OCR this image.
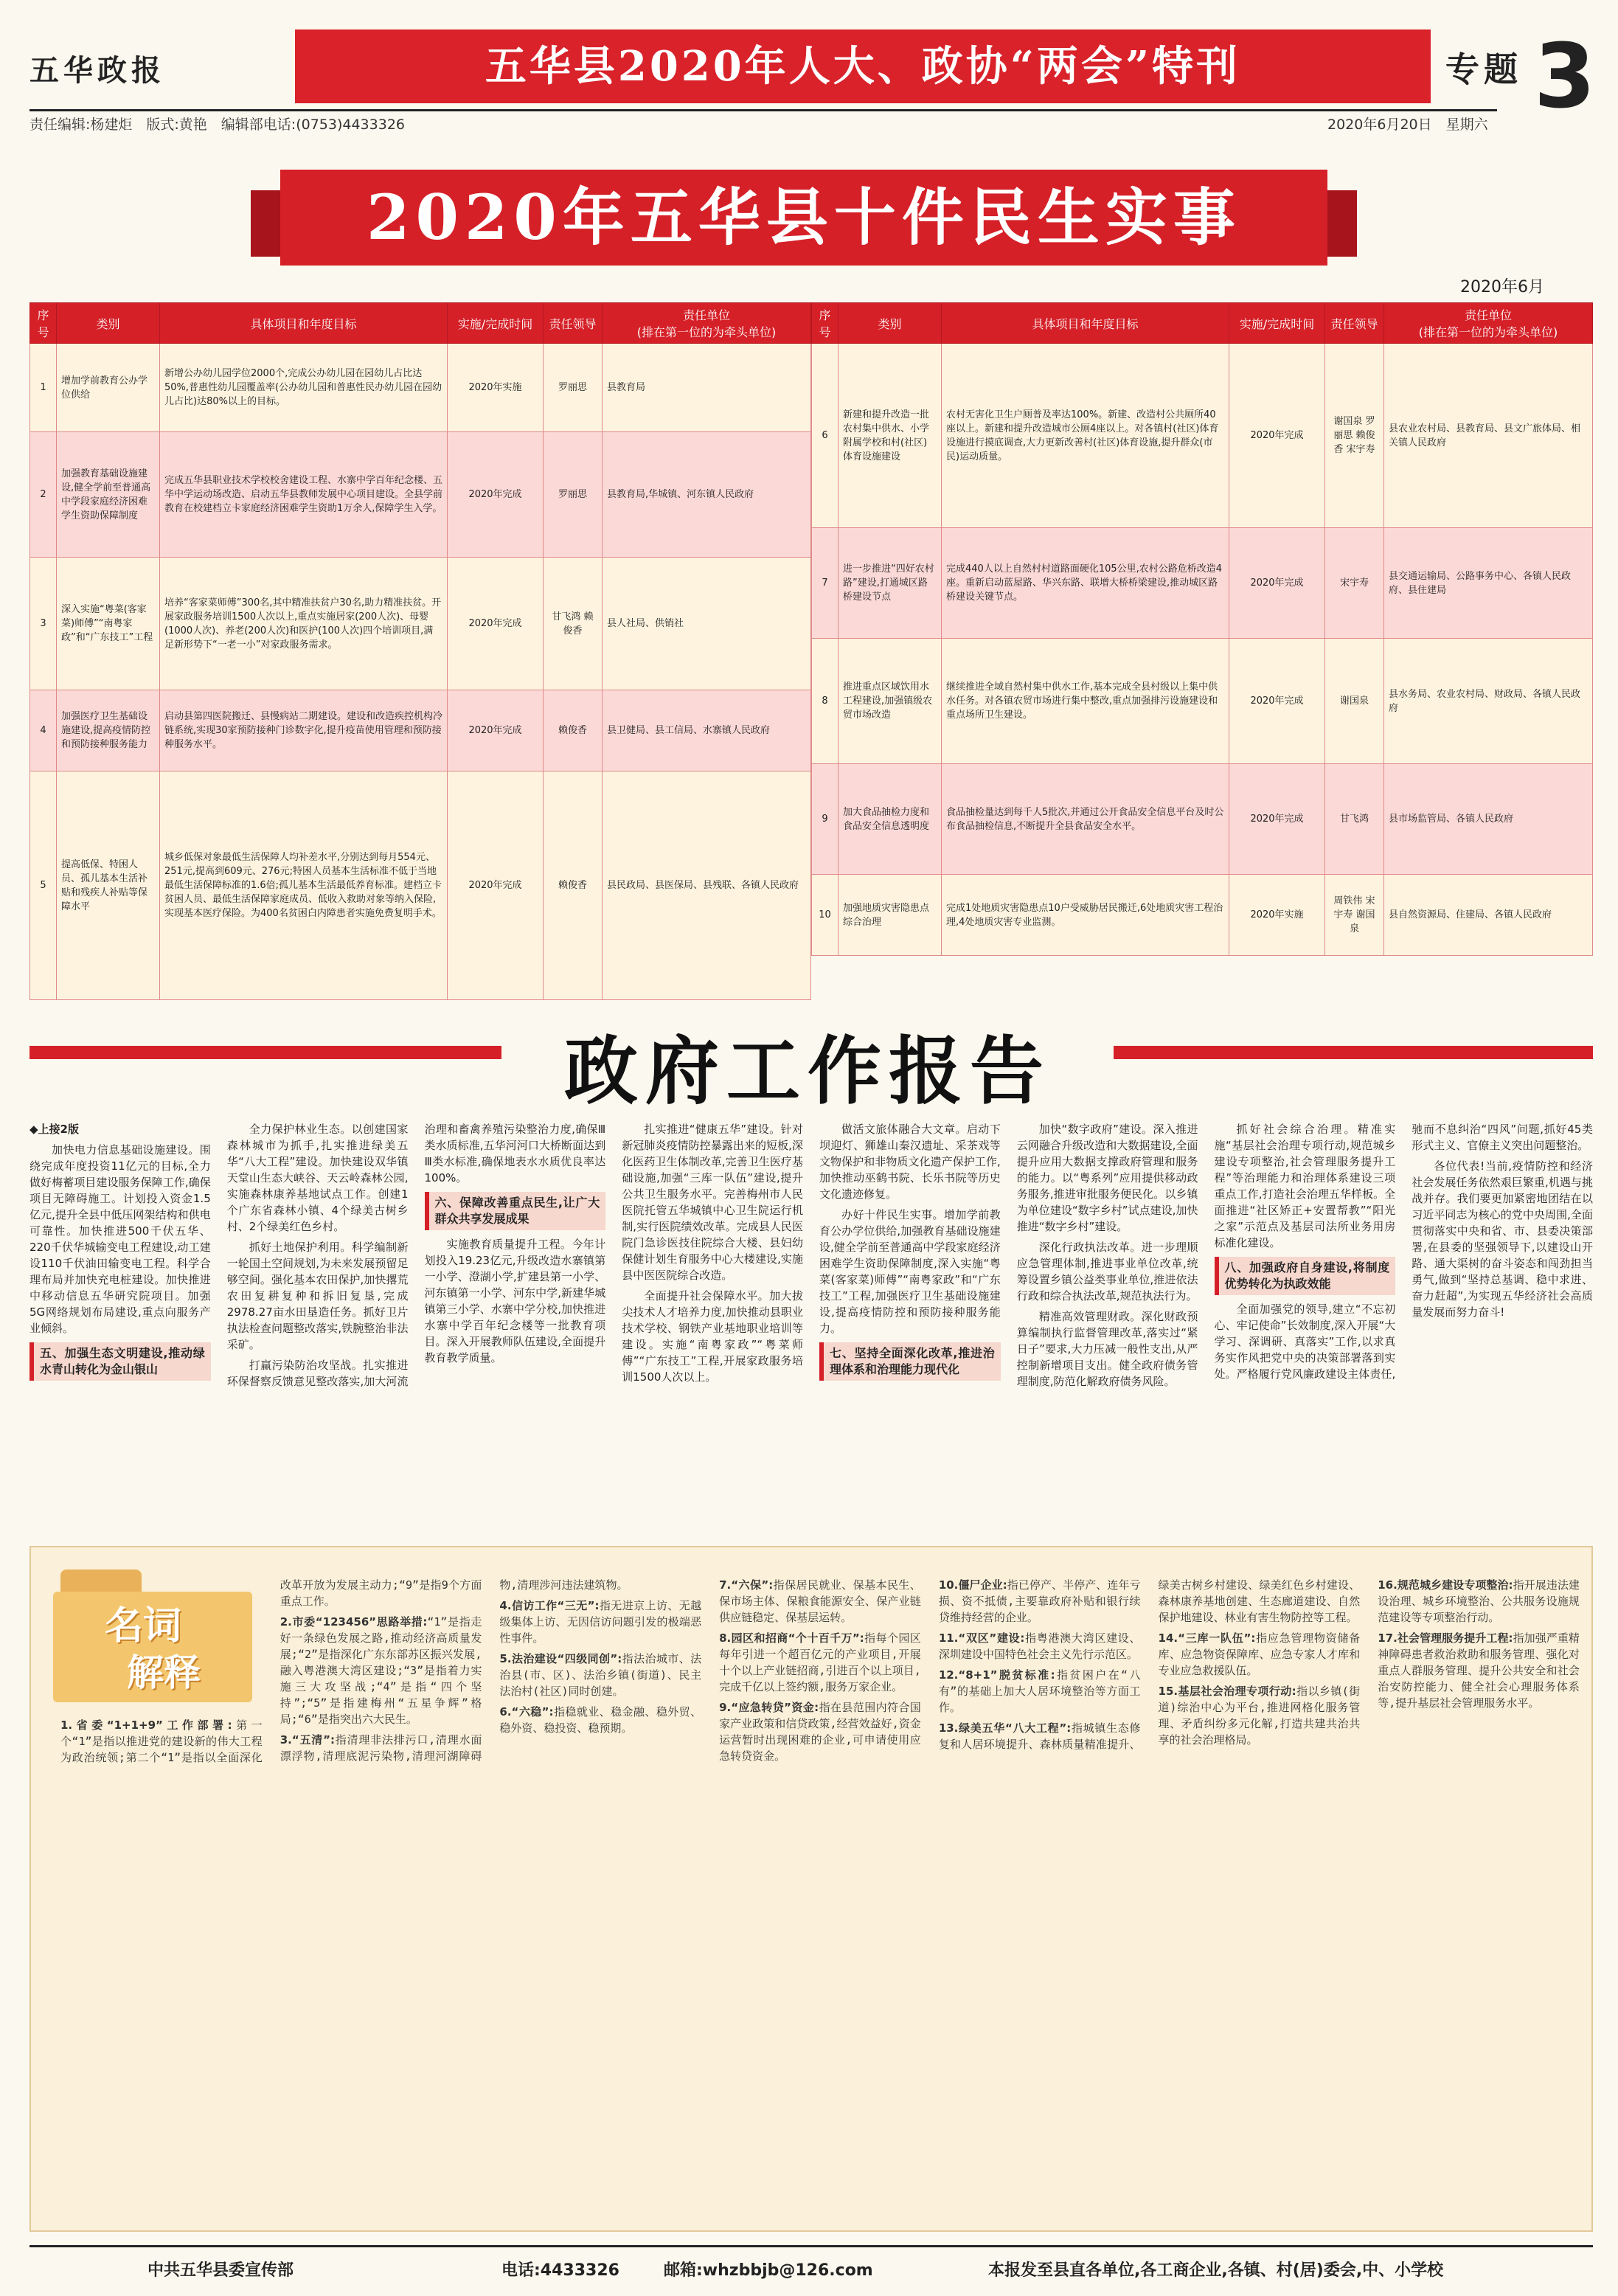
五华政报	五华县2020年人大、政协“两会”特刊	专题 3
责任编辑:杨建炬　版式:黄艳　编辑部电话:(0753)4433326	2020年6月20日　星期六
2020年五华县十件民生实事
2020年6月
序号	类别	具体项目和年度目标	实施/完成时间	责任领导	责任单位
(排在第一位的为牵头单位)
1	增加学前教育公办学位供给	新增公办幼儿园学位2000个,完成公办幼儿园在园幼儿占比达50%,普惠性幼儿园覆盖率(公办幼儿园和普惠性民办幼儿园在园幼儿占比)达80%以上的目标。	2020年实施	罗丽思	县教育局
2	加强教育基础设施建设,健全学前至普通高中学段家庭经济困难学生资助保障制度	完成五华县职业技术学校校舍建设工程、水寨中学百年纪念楼、五华中学运动场改造、启动五华县教师发展中心项目建设。全县学前教育在校建档立卡家庭经济困难学生资助1万余人,保障学生入学。	2020年完成	罗丽思	县教育局,华城镇、河东镇人民政府
3	深入实施“粤菜(客家菜)师傅”“南粤家政”和“广东技工”工程	培养“客家菜师傅”300名,其中精准扶贫户30名,助力精准扶贫。开展家政服务培训1500人次以上,重点实施居家(200人次)、母婴(1000人次)、养老(200人次)和医护(100人次)四个培训项目,满足新形势下“一老一小”对家政服务需求。	2020年完成	甘飞鸿 赖俊香	县人社局、供销社
4	加强医疗卫生基础设施建设,提高疫情防控和预防接种服务能力	启动县第四医院搬迁、县慢病站二期建设。建设和改造疾控机构冷链系统,实现30家预防接种门诊数字化,提升疫苗使用管理和预防接种服务水平。	2020年完成	赖俊香	县卫健局、县工信局、水寨镇人民政府
5	提高低保、特困人员、孤儿基本生活补贴和残疾人补贴等保障水平	城乡低保对象最低生活保障人均补差水平,分别达到每月554元、251元,提高到609元、276元;特困人员基本生活标准不低于当地最低生活保障标准的1.6倍;孤儿基本生活最低养育标准。建档立卡贫困人员、最低生活保障家庭成员、低收入救助对象等纳入保险,实现基本医疗保险。为400名贫困白内障患者实施免费复明手术。	2020年完成	赖俊香	县民政局、县医保局、县残联、各镇人民政府
序号	类别	具体项目和年度目标	实施/完成时间	责任领导	责任单位
(排在第一位的为牵头单位)
6	新建和提升改造一批农村集中供水、小学附属学校和村(社区)体育设施建设	农村无害化卫生户厕普及率达100%。新建、改造村公共厕所40座以上。新建和提升改造城市公厕4座以上。对各镇村(社区)体育设施进行摸底调查,大力更新改善村(社区)体育设施,提升群众(市民)运动质量。	2020年完成	谢国泉 罗丽思 赖俊香 宋宇寿	县农业农村局、县教育局、县文广旅体局、相关镇人民政府
7	进一步推进“四好农村路”建设,打通城区路桥建设节点	完成440人以上自然村村道路面硬化105公里,农村公路危桥改造4座。重新启动蓝屋路、华兴东路、联增大桥桥梁建设,推动城区路桥建设关键节点。	2020年完成	宋宇寿	县交通运输局、公路事务中心、各镇人民政府、县住建局
8	推进重点区域饮用水工程建设,加强镇级农贸市场改造	继续推进全域自然村集中供水工作,基本完成全县村级以上集中供水任务。对各镇农贸市场进行集中整改,重点加强排污设施建设和重点场所卫生建设。	2020年完成	谢国泉	县水务局、农业农村局、财政局、各镇人民政府
9	加大食品抽检力度和食品安全信息透明度	食品抽检量达到每千人5批次,并通过公开食品安全信息平台及时公布食品抽检信息,不断提升全县食品安全水平。	2020年完成	甘飞鸿	县市场监管局、各镇人民政府
10	加强地质灾害隐患点综合治理	完成1处地质灾害隐患点10户受威胁居民搬迁,6处地质灾害工程治理,4处地质灾害专业监测。	2020年实施	周铁伟 宋宇寿 谢国泉	县自然资源局、住建局、各镇人民政府
政府工作报告

◆上接2版

加快电力信息基础设施建设。围绕完成年度投资11亿元的目标,全力做好梅蓄项目建设服务保障工作,确保项目无障碍施工。计划投入资金1.5亿元,提升全县中低压网架结构和供电可靠性。加快推进500千伏五华、220千伏华城输变电工程建设,动工建设110千伏油田输变电工程。科学合理布局并加快充电桩建设。加快推进中移动信息五华研究院项目。加强5G网络规划布局建设,重点向服务产业倾斜。

五、加强生态文明建设,推动绿水青山转化为金山银山

全力保护林业生态。以创建国家森林城市为抓手,扎实推进绿美五华“八大工程”建设。加快建设双华镇天堂山生态大峡谷、天云岭森林公园,实施森林康养基地试点工作。创建1个广东省森林小镇、4个绿美古树乡村、2个绿美红色乡村。

抓好土地保护利用。科学编制新一轮国土空间规划,为未来发展预留足够空间。强化基本农田保护,加快撂荒农田复耕复种和拆旧复垦,完成2978.27亩水田垦造任务。抓好卫片执法检查问题整改落实,铁腕整治非法采矿。

打赢污染防治攻坚战。扎实推进环保督察反馈意见整改落实,加大河流治理和畜禽养殖污染整治力度,确保Ⅲ类水质标准,五华河河口大桥断面达到Ⅲ类水标准,确保地表水水质优良率达100%。

六、保障改善重点民生,让广大群众共享发展成果

实施教育质量提升工程。今年计划投入19.23亿元,升级改造水寨镇第一小学、澄湖小学,扩建县第一小学、河东镇第一小学、河东中学,新建华城镇第三小学、水寨中学分校,加快推进水寨中学百年纪念楼等一批教育项目。深入开展教师队伍建设,全面提升教育教学质量。

扎实推进“健康五华”建设。针对新冠肺炎疫情防控暴露出来的短板,深化医药卫生体制改革,完善卫生医疗基础设施,加强“三库一队伍”建设,提升公共卫生服务水平。完善梅州市人民医院托管五华城镇中心卫生院运行机制,实行医院绩效改革。完成县人民医院门急诊医技住院综合大楼、县妇幼保健计划生育服务中心大楼建设,实施县中医医院综合改造。

全面提升社会保障水平。加大拔尖技术人才培养力度,加快推动县职业技术学校、钢铁产业基地职业培训等建设。实施“南粤家政”“粤菜师傅”“广东技工”工程,开展家政服务培训1500人次以上。

做活文旅体融合大文章。启动下坝迎灯、狮雄山秦汉遗址、采茶戏等文物保护和非物质文化遗产保护工作,加快推动巫鹤书院、长乐书院等历史文化遗迹修复。

办好十件民生实事。增加学前教育公办学位供给,加强教育基础设施建设,健全学前至普通高中学段家庭经济困难学生资助保障制度,深入实施“粤菜(客家菜)师傅”“南粤家政”和“广东技工”工程,加强医疗卫生基础设施建设,提高疫情防控和预防接种服务能力。

七、坚持全面深化改革,推进治理体系和治理能力现代化

加快“数字政府”建设。深入推进云网融合升级改造和大数据建设,全面提升应用大数据支撑政府管理和服务的能力。以“粤系列”应用提供移动政务服务,推进审批服务便民化。以乡镇为单位建设“数字乡村”试点建设,加快推进“数字乡村”建设。

深化行政执法改革。进一步理顺应急管理体制,推进事业单位改革,统筹设置乡镇公益类事业单位,推进依法行政和综合执法改革,规范执法行为。

精准高效管理财政。深化财政预算编制执行监督管理改革,落实过“紧日子”要求,大力压减一般性支出,从严控制新增项目支出。健全政府债务管理制度,防范化解政府债务风险。

抓好社会综合治理。精准实施“基层社会治理专项行动,规范城乡建设专项整治,社会管理服务提升工程”等治理能力和治理体系建设三项重点工作,打造社会治理五华样板。全面推进“社区矫正+安置帮教”“阳光之家”示范点及基层司法所业务用房标准化建设。

八、加强政府自身建设,将制度优势转化为执政效能

全面加强党的领导,建立“不忘初心、牢记使命”长效制度,深入开展“大学习、深调研、真落实”工作,以求真务实作风把党中央的决策部署落到实处。严格履行党风廉政建设主体责任,驰而不息纠治“四风”问题,抓好45类形式主义、官僚主义突出问题整治。

各位代表!当前,疫情防控和经济社会发展任务依然艰巨繁重,机遇与挑战并存。我们要更加紧密地团结在以习近平同志为核心的党中央周围,全面贯彻落实中央和省、市、县委决策部署,在县委的坚强领导下,以建设山开路、通大渠树的奋斗姿态和闯劲担当勇气,做到“坚持总基调、稳中求进、奋力赶超”,为实现五华经济社会高质量发展而努力奋斗!

名词
解释

1.省委“1+1+9”工作部署:第一个“1”是指以推进党的建设新的伟大工程为政治统领;第二个“1”是指以全面深化改革开放为发展主动力;“9”是指9个方面重点工作。

2.市委“123456”思路举措:“1”是指走好一条绿色发展之路,推动经济高质量发展;“2”是指深化广东东部苏区振兴发展,融入粤港澳大湾区建设;“3”是指着力实施三大攻坚战;“4”是指“四个坚持”;“5”是指建梅州“五星争辉”格局;“6”是指突出六大民生。

3.“五清”:指清理非法排污口,清理水面漂浮物,清理底泥污染物,清理河湖障碍物,清理涉河违法建筑物。

4.信访工作“三无”:指无进京上访、无越级集体上访、无因信访问题引发的极端恶性事件。

5.法治建设“四级同创”:指法治城市、法治县(市、区)、法治乡镇(街道)、民主法治村(社区)同时创建。

6.“六稳”:指稳就业、稳金融、稳外贸、稳外资、稳投资、稳预期。

7.“六保”:指保居民就业、保基本民生、保市场主体、保粮食能源安全、保产业链供应链稳定、保基层运转。

8.园区和招商“个十百千万”:指每个园区每年引进一个超百亿元的产业项目,开展十个以上产业链招商,引进百个以上项目,完成千亿以上签约额,服务万家企业。

9.“应急转贷”资金:指在县范围内符合国家产业政策和信贷政策,经营效益好,资金运营暂时出现困难的企业,可申请使用应急转贷资金。

10.僵尸企业:指已停产、半停产、连年亏损、资不抵债,主要靠政府补贴和银行续贷维持经营的企业。

11.“双区”建设:指粤港澳大湾区建设、深圳建设中国特色社会主义先行示范区。

12.“8+1”脱贫标准:指贫困户在“八有”的基础上加大人居环境整治等方面工作。

13.绿美五华“八大工程”:指城镇生态修复和人居环境提升、森林质量精准提升、绿美古树乡村建设、绿美红色乡村建设、森林康养基地创建、生态廊道建设、自然保护地建设、林业有害生物防控等工程。

14.“三库一队伍”:指应急管理物资储备库、应急物资保障库、应急专家人才库和专业应急救援队伍。

15.基层社会治理专项行动:指以乡镇(街道)综治中心为平台,推进网格化服务管理、矛盾纠纷多元化解,打造共建共治共享的社会治理格局。

16.规范城乡建设专项整治:指开展违法建设治理、城乡环境整治、公共服务设施规范建设等专项整治行动。

17.社会管理服务提升工程:指加强严重精神障碍患者救治救助和服务管理、强化对重点人群服务管理、提升公共安全和社会治安防控能力、健全社会心理服务体系等,提升基层社会管理服务水平。

中共五华县委宣传部	电话:4433326	邮箱:whzbbjb@126.com	本报发至县直各单位,各工商企业,各镇、村(居)委会,中、小学校
